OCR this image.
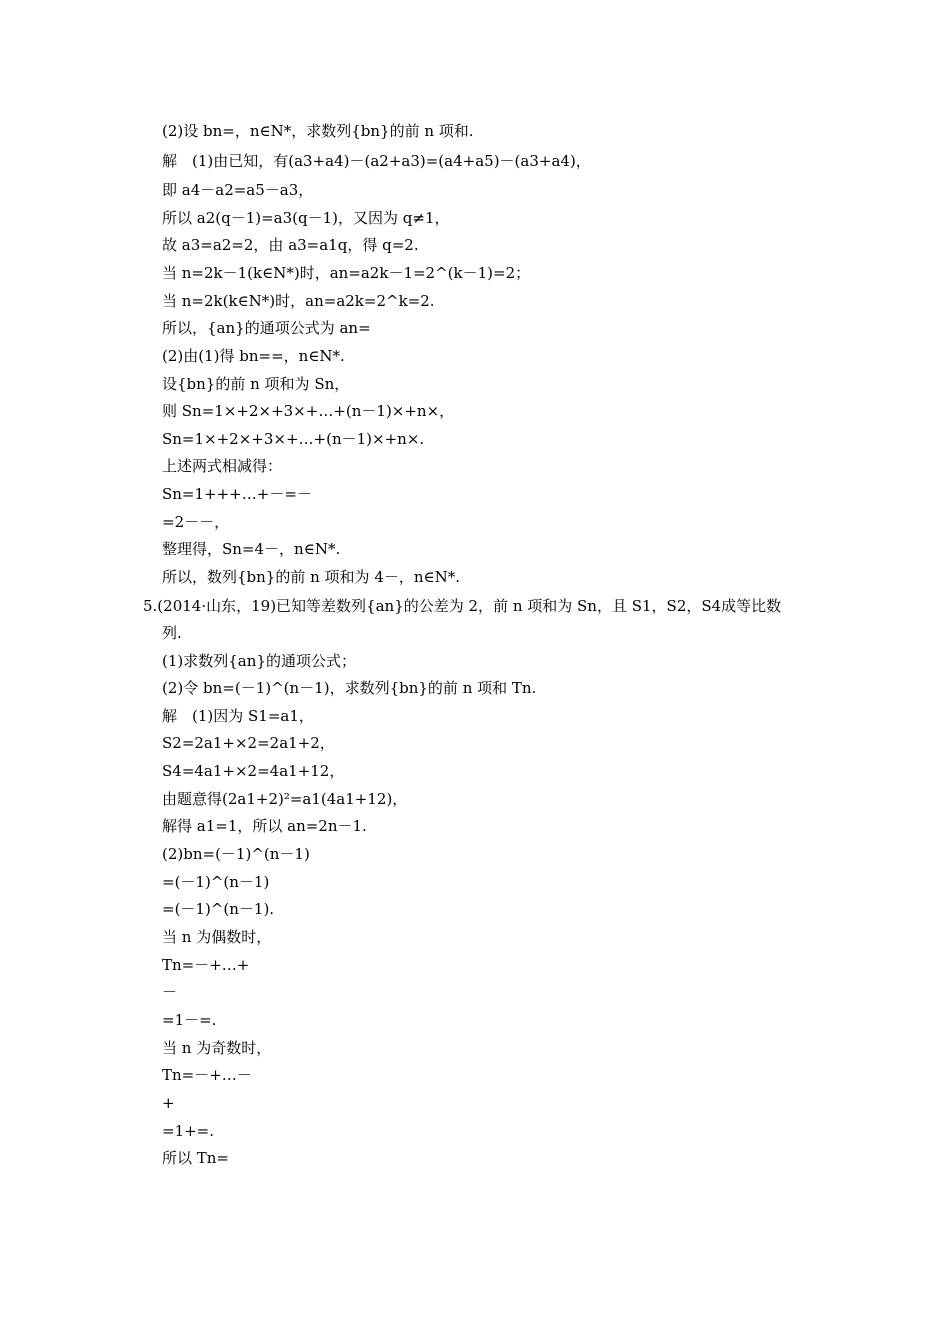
(2)设 bn=，n∈N*，求数列{bn}的前 n 项和.
解　(1)由已知，有(a3+a4)－(a2+a3)=(a4+a5)－(a3+a4)，
即 a4－a2=a5－a3，
所以 a2(q－1)=a3(q－1)，又因为 q≠1，
故 a3=a2=2，由 a3=a1q，得 q=2.
当 n=2k－1(k∈N*)时，an=a2k－1=2^(k－1)=2；
当 n=2k(k∈N*)时，an=a2k=2^k=2.
所以，{an}的通项公式为 an=
(2)由(1)得 bn==，n∈N*.
设{bn}的前 n 项和为 Sn，
则 Sn=1×+2×+3×+…+(n－1)×+n×，
Sn=1×+2×+3×+…+(n－1)×+n×.
上述两式相减得：
Sn=1+++…+－=－
=2－－，
整理得，Sn=4－，n∈N*.
所以，数列{bn}的前 n 项和为 4－，n∈N*.
5.(2014·山东，19)已知等差数列{an}的公差为 2，前 n 项和为 Sn，且 S1，S2，S4成等比数
列.
(1)求数列{an}的通项公式；
(2)令 bn=(－1)^(n－1)，求数列{bn}的前 n 项和 Tn.
解　(1)因为 S1=a1，
S2=2a1+×2=2a1+2，
S4=4a1+×2=4a1+12，
由题意得(2a1+2)²=a1(4a1+12)，
解得 a1=1，所以 an=2n－1.
(2)bn=(－1)^(n－1)
=(－1)^(n－1)
=(－1)^(n－1).
当 n 为偶数时，
Tn=－+…+
－
=1－=.
当 n 为奇数时，
Tn=－+…－
+
=1+=.
所以 Tn=
